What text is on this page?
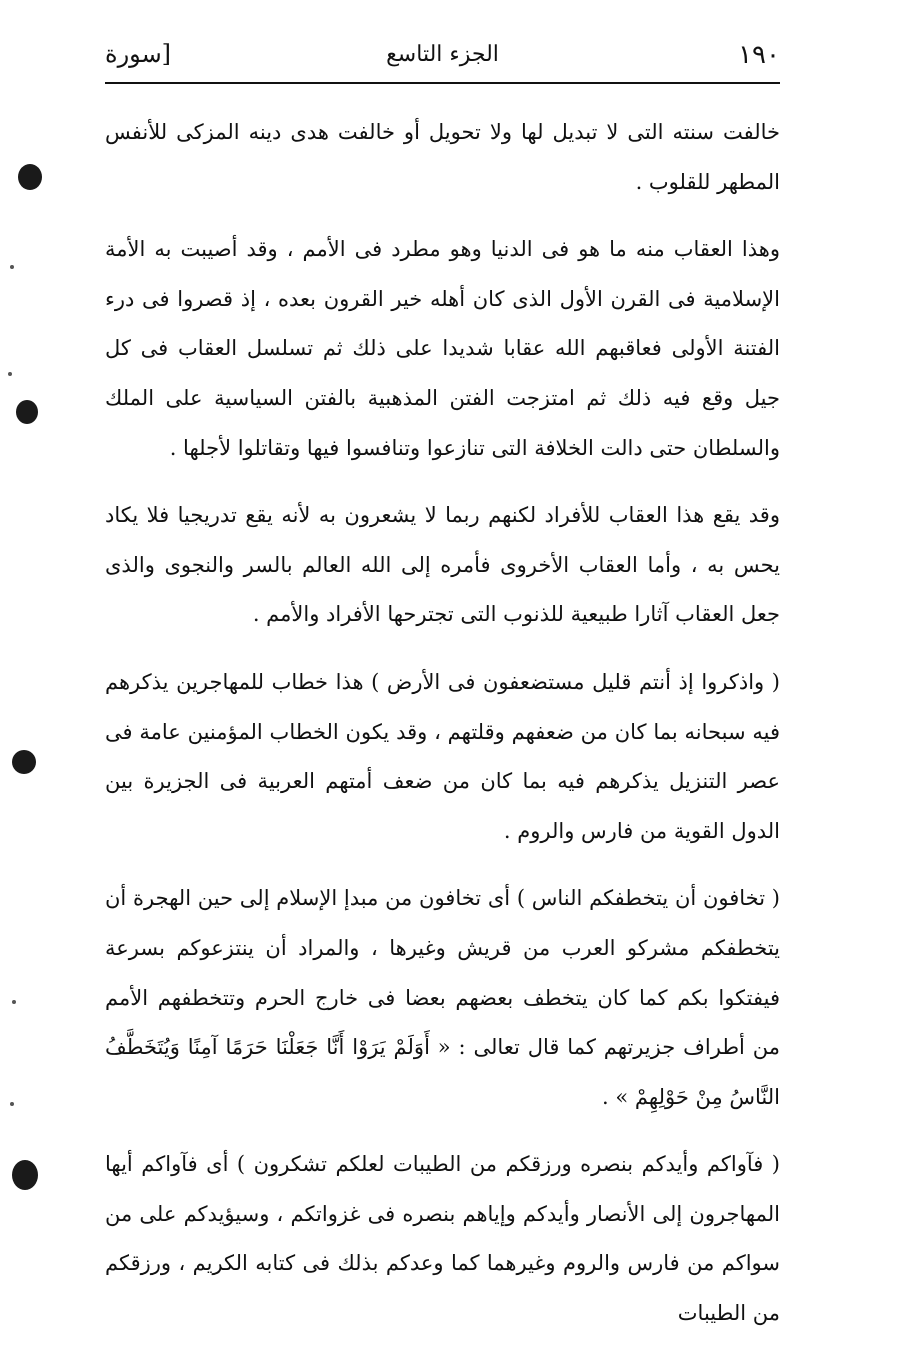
١٩٠
الجزء التاسع
[سورة

خالفت سنته التى لا تبديل لها ولا تحويل أو خالفت هدى دينه المزكى للأنفس المطهر للقلوب .

وهذا العقاب منه ما هو فى الدنيا وهو مطرد فى الأمم ، وقد أصيبت به الأمة الإسلامية فى القرن الأول الذى كان أهله خير القرون بعده ، إذ قصروا فى درء الفتنة الأولى فعاقبهم الله عقابا شديدا على ذلك ثم تسلسل العقاب فى كل جيل وقع فيه ذلك ثم امتزجت الفتن المذهبية بالفتن السياسية على الملك والسلطان حتى دالت الخلافة التى تنازعوا وتنافسوا فيها وتقاتلوا لأجلها .

وقد يقع هذا العقاب للأفراد لكنهم ربما لا يشعرون به لأنه يقع تدريجيا فلا يكاد يحس به ، وأما العقاب الأخروى فأمره إلى الله العالم بالسر والنجوى والذى جعل العقاب آثارا طبيعية للذنوب التى تجترحها الأفراد والأمم .

( واذكروا إذ أنتم قليل مستضعفون فى الأرض ) هذا خطاب للمهاجرين يذكرهم فيه سبحانه بما كان من ضعفهم وقلتهم ، وقد يكون الخطاب المؤمنين عامة فى عصر التنزيل يذكرهم فيه بما كان من ضعف أمتهم العربية فى الجزيرة بين الدول القوية من فارس والروم .

( تخافون أن يتخطفكم الناس ) أى تخافون من مبدإ الإسلام إلى حين الهجرة أن يتخطفكم مشركو العرب من قريش وغيرها ، والمراد أن ينتزعوكم بسرعة فيفتكوا بكم كما كان يتخطف بعضهم بعضا فى خارج الحرم وتتخطفهم الأمم من أطراف جزيرتهم كما قال تعالى : « أَوَلَمْ يَرَوْا أَنَّا جَعَلْنَا حَرَمًا آمِنًا وَيُتَخَطَّفُ النَّاسُ مِنْ حَوْلِهِمْ » .

( فآواكم وأيدكم بنصره ورزقكم من الطيبات لعلكم تشكرون ) أى فآواكم أيها المهاجرون إلى الأنصار وأيدكم وإياهم بنصره فى غزواتكم ، وسيؤيدكم على من سواكم من فارس والروم وغيرهما كما وعدكم بذلك فى كتابه الكريم ، ورزقكم من الطيبات
